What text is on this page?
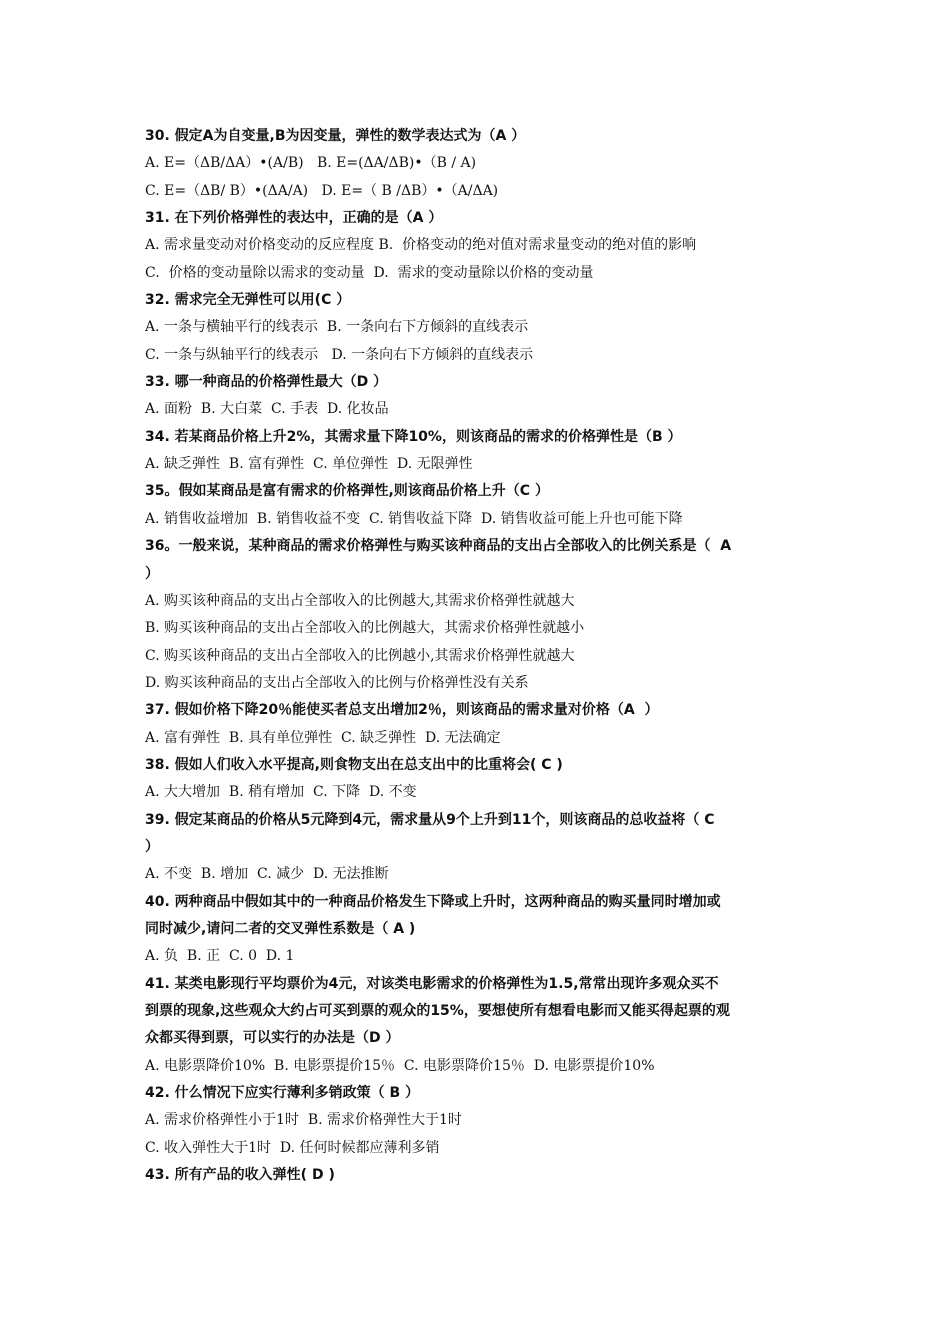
30. 假定A为自变量,B为因变量，弹性的数学表达式为（A ）
A. E=（ΔB/ΔA）•(A/B)   B. E=(ΔA/ΔB)•（B / A)
C. E=（ΔB/ B）•(ΔA/A)   D. E=（ B /ΔB）•（A/ΔA)
31. 在下列价格弹性的表达中，正确的是（A ）
A. 需求量变动对价格变动的反应程度 B.  价格变动的绝对值对需求量变动的绝对值的影响
C.  价格的变动量除以需求的变动量  D.  需求的变动量除以价格的变动量
32. 需求完全无弹性可以用(C ）
A. 一条与横轴平行的线表示  B. 一条向右下方倾斜的直线表示
C. 一条与纵轴平行的线表示   D. 一条向右下方倾斜的直线表示
33. 哪一种商品的价格弹性最大（D ）
A. 面粉  B. 大白菜  C. 手表  D. 化妆品
34. 若某商品价格上升2%，其需求量下降10%，则该商品的需求的价格弹性是（B ）
A. 缺乏弹性  B. 富有弹性  C. 单位弹性  D. 无限弹性
35。假如某商品是富有需求的价格弹性,则该商品价格上升（C ）
A. 销售收益增加  B. 销售收益不变  C. 销售收益下降  D. 销售收益可能上升也可能下降
36。一般来说，某种商品的需求价格弹性与购买该种商品的支出占全部收入的比例关系是（  A
）
A. 购买该种商品的支出占全部收入的比例越大,其需求价格弹性就越大
B. 购买该种商品的支出占全部收入的比例越大，其需求价格弹性就越小
C. 购买该种商品的支出占全部收入的比例越小,其需求价格弹性就越大
D. 购买该种商品的支出占全部收入的比例与价格弹性没有关系
37. 假如价格下降20％能使买者总支出增加2％，则该商品的需求量对价格（A  ）
A. 富有弹性  B. 具有单位弹性  C. 缺乏弹性  D. 无法确定
38. 假如人们收入水平提高,则食物支出在总支出中的比重将会( C )
A. 大大增加  B. 稍有增加  C. 下降  D. 不变
39. 假定某商品的价格从5元降到4元，需求量从9个上升到11个，则该商品的总收益将（ C
）
A. 不变  B. 增加  C. 减少  D. 无法推断
40. 两种商品中假如其中的一种商品价格发生下降或上升时，这两种商品的购买量同时增加或
同时减少,请问二者的交叉弹性系数是（ A )
A. 负  B. 正  C. 0  D. 1
41. 某类电影现行平均票价为4元，对该类电影需求的价格弹性为1.5,常常出现许多观众买不
到票的现象,这些观众大约占可买到票的观众的15%，要想使所有想看电影而又能买得起票的观
众都买得到票，可以实行的办法是（D ）
A. 电影票降价10%  B. 电影票提价15％  C. 电影票降价15％  D. 电影票提价10%
42. 什么情况下应实行薄利多销政策（ B ）
A. 需求价格弹性小于1时  B. 需求价格弹性大于1时
C. 收入弹性大于1时  D. 任何时候都应薄利多销
43. 所有产品的收入弹性( D )
